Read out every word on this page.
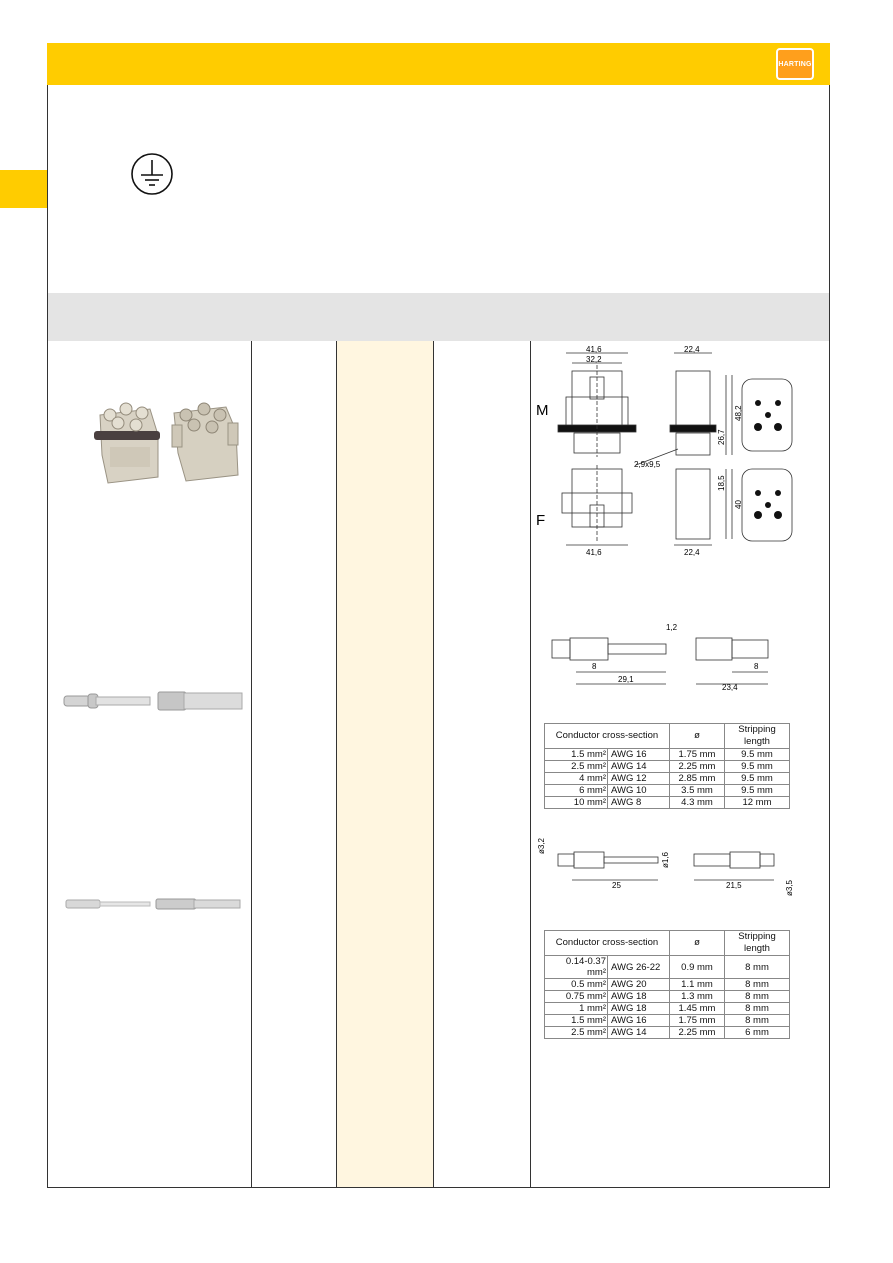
HARTING
M
F
41,6
32,2
41,6
22,4
22,4
48,2
26,7
18,5
40
2,9x9,5
29,1
1,2
8
23,4
8
Conductor cross-section		ø	Stripping length
1.5 mm²	AWG 16	1.75 mm	9.5 mm
2.5 mm²	AWG 14	2.25 mm	9.5 mm
4 mm²	AWG 12	2.85 mm	9.5 mm
6 mm²	AWG 10	3.5 mm	9.5 mm
10 mm²	AWG 8	4.3 mm	12 mm
ø3,2
ø1,6
25	21,5	ø3,5
Conductor cross-section		ø	Stripping length
0.14-0.37 mm²	AWG 26-22	0.9 mm	8 mm
0.5 mm²	AWG 20	1.1 mm	8 mm
0.75 mm²	AWG 18	1.3 mm	8 mm
1 mm²	AWG 18	1.45 mm	8 mm
1.5 mm²	AWG 16	1.75 mm	8 mm
2.5 mm²	AWG 14	2.25 mm	6 mm
